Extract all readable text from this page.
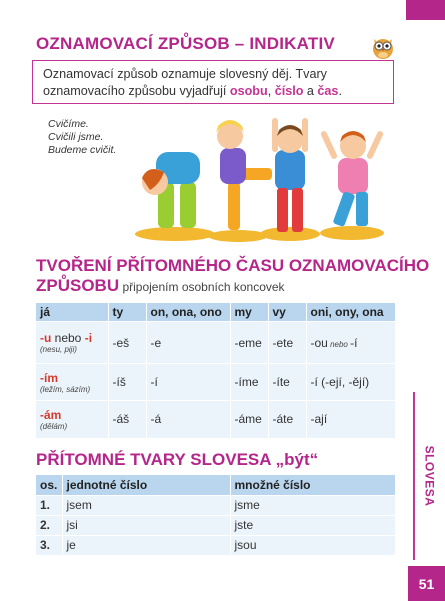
OZNAMOVACÍ ZPŮSOB – INDIKATIV
Oznamovací způsob oznamuje slovesný děj. Tvary
oznamovacího způsobu vyjadřují osobu, číslo a čas.
Cvičíme.
Cvičili jsme.
Budeme cvičit.
TVOŘENÍ PŘÍTOMNÉHO ČASU OZNAMOVACÍHO
ZPŮSOBU připojením osobních koncovek
já	ty	on, ona, ono	my	vy	oni, ony, ona

-u nebo -i
(nesu, piji)	-eš	-e	-eme	-ete	-ou nebo -í

-ím
(ležím, sázím)	-íš	-í	-íme	-íte	-í (-ejí, -ějí)

-ám
(dělám)	-áš	-á	-áme	-áte	-ají
PŘÍTOMNÉ TVARY SLOVESA „být“
os.	jednotné číslo	množné číslo
1.	jsem	jsme
2.	jsi	jste
3.	je	jsou
SLOVESA
51
